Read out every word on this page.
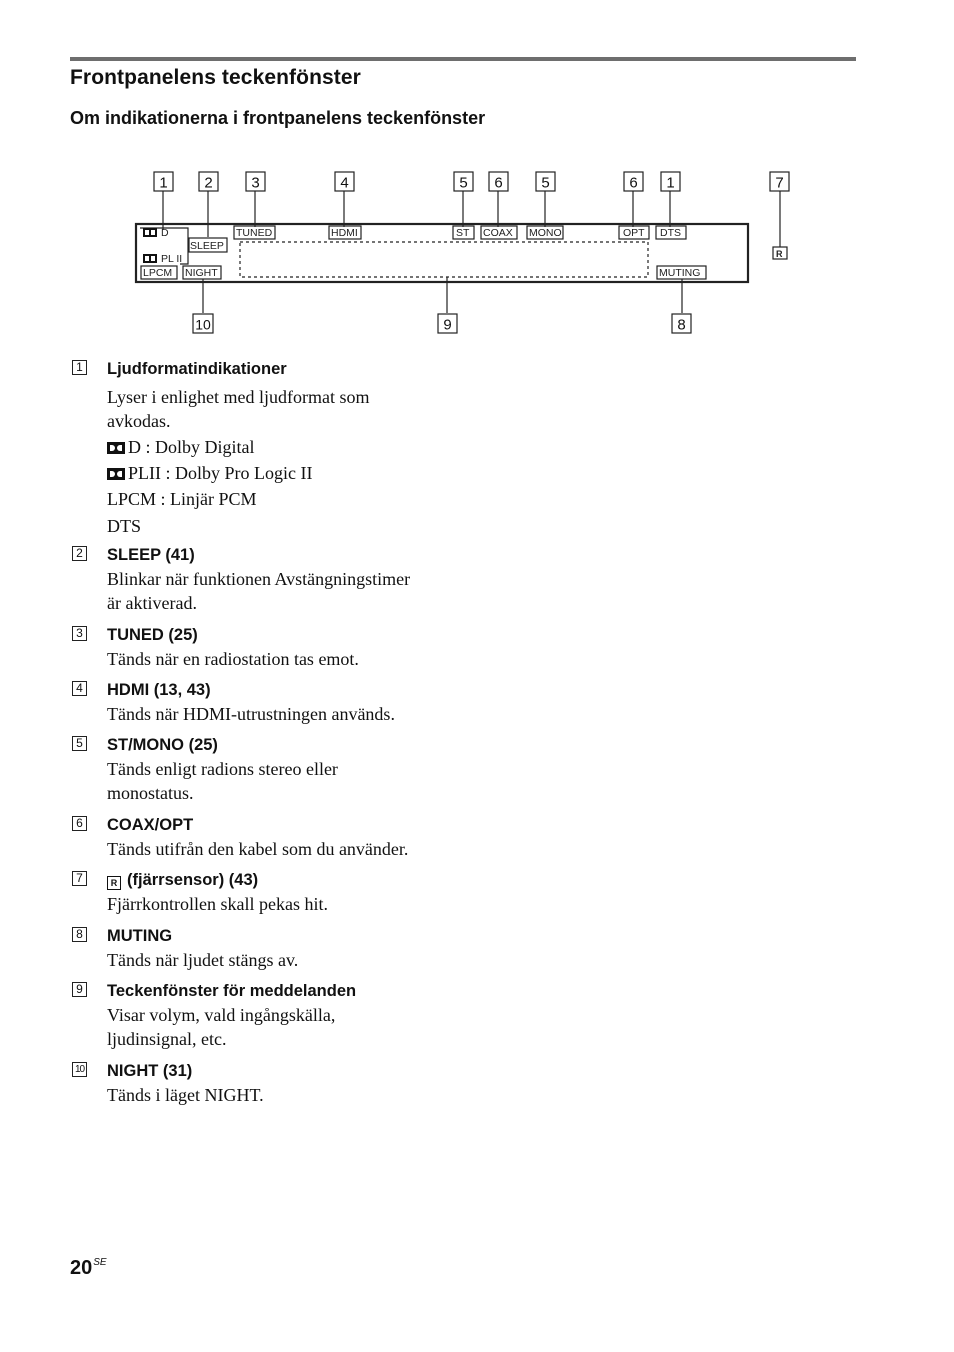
Frontpanelens teckenfönster
Om indikationerna i frontpanelens teckenfönster
D
PL II
LPCM
SLEEP
NIGHT
TUNED	HDMI	ST COAX MONO	OPT DTS
MUTING
R
1 2	3	4	5 6	5	6 1	7
10	9	8
1 Ljudformatindikationer
Lyser i enlighet med ljudformat som
avkodas.
D : Dolby Digital
PLII : Dolby Pro Logic II
LPCM : Linjär PCM
DTS
2 SLEEP (41)
Blinkar när funktionen Avstängningstimer
är aktiverad.
3 TUNED (25)
Tänds när en radiostation tas emot.
4 HDMI (13, 43)
Tänds när HDMI-utrustningen används.
5 ST/MONO (25)
Tänds enligt radions stereo eller
monostatus.
6 COAX/OPT
Tänds utifrån den kabel som du använder.
7	R (fjärrsensor) (43)
Fjärrkontrollen skall pekas hit.
8 MUTING
Tänds när ljudet stängs av.
9 Teckenfönster för meddelanden
Visar volym, vald ingångskälla,
ljudinsignal, etc.
10 NIGHT (31)
Tänds i läget NIGHT.
$20^{SE}$
